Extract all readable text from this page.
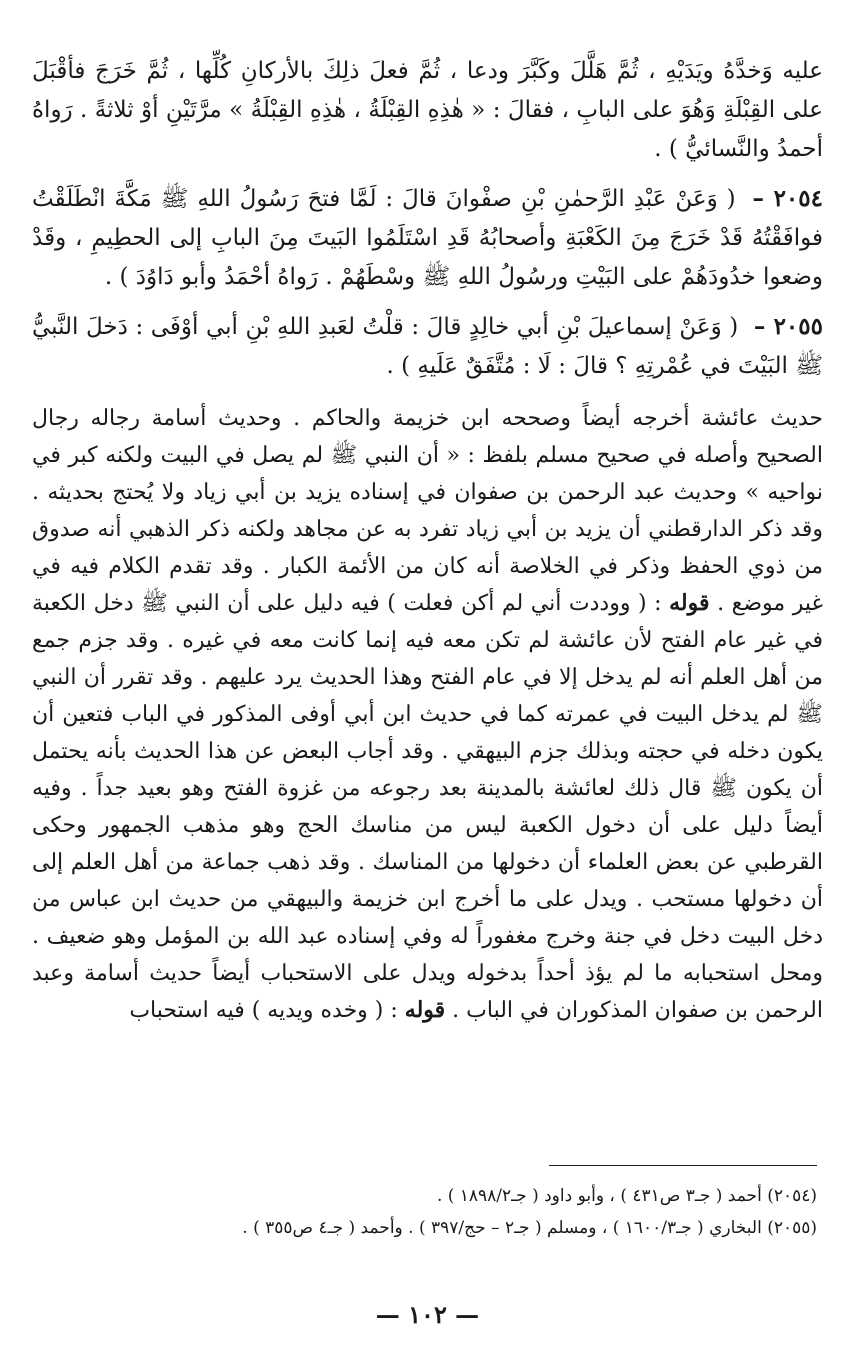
عليه وَخدَّهُ ويَدَيْهِ ، ثُمَّ هَلَّلَ وكَبَّرَ ودعا ، ثُمَّ فعلَ ذلِكَ بالأركانِ كُلِّها ، ثُمَّ خَرَجَ فأقْبَلَ على القِبْلَةِ وَهُوَ على البابِ ، فقالَ : « هٰذِهِ القِبْلَةُ ، هٰذِهِ القِبْلَةُ » مرَّتَيْنِ أوْ ثلاثةً . رَواهُ أحمدُ والنَّسائيُّ ) .

٢٠٥٤ – ( وَعَنْ عَبْدِ الرَّحمٰنِ بْنِ صفْوانَ قالَ : لَمَّا فتحَ رَسُولُ اللهِ ﷺ مَكَّةَ انْطَلَقْتُ فوافَقْتُهُ قَدْ خَرَجَ مِنَ الكَعْبَةِ وأصحابُهُ قَدِ اسْتَلَمُوا البَيتَ مِنَ البابِ إلى الحطِيمِ ، وقَدْ وضعوا خدُودَهُمْ على البَيْتِ ورسُولُ اللهِ ﷺ وسْطَهُمْ . رَواهُ أحْمَدُ وأبو دَاوُدَ ) .

٢٠٥٥ – ( وَعَنْ إسماعيلَ بْنِ أبي خالِدٍ قالَ : قلْتُ لعَبدِ اللهِ بْنِ أبي أوْفَى : دَخلَ النَّبيُّ ﷺ البَيْتَ في عُمْرتِهِ ؟ قالَ : لَا : مُتَّفَقٌ عَلَيهِ ) .

حديث عائشة أخرجه أيضاً وصححه ابن خزيمة والحاكم . وحديث أسامة رجاله رجال الصحيح وأصله في صحيح مسلم بلفظ : « أن النبي ﷺ لم يصل في البيت ولكنه كبر في نواحيه » وحديث عبد الرحمن بن صفوان في إسناده يزيد بن أبي زياد ولا يُحتج بحديثه . وقد ذكر الدارقطني أن يزيد بن أبي زياد تفرد به عن مجاهد ولكنه ذكر الذهبي أنه صدوق من ذوي الحفظ وذكر في الخلاصة أنه كان من الأئمة الكبار . وقد تقدم الكلام فيه في غير موضع . قوله : ( ووددت أني لم أكن فعلت ) فيه دليل على أن النبي ﷺ دخل الكعبة في غير عام الفتح لأن عائشة لم تكن معه فيه إنما كانت معه في غيره . وقد جزم جمع من أهل العلم أنه لم يدخل إلا في عام الفتح وهذا الحديث يرد عليهم . وقد تقرر أن النبي ﷺ لم يدخل البيت في عمرته كما في حديث ابن أبي أوفى المذكور في الباب فتعين أن يكون دخله في حجته وبذلك جزم البيهقي . وقد أجاب البعض عن هذا الحديث بأنه يحتمل أن يكون ﷺ قال ذلك لعائشة بالمدينة بعد رجوعه من غزوة الفتح وهو بعيد جداً . وفيه أيضاً دليل على أن دخول الكعبة ليس من مناسك الحج وهو مذهب الجمهور وحكى القرطبي عن بعض العلماء أن دخولها من المناسك . وقد ذهب جماعة من أهل العلم إلى أن دخولها مستحب . ويدل على ما أخرج ابن خزيمة والبيهقي من حديث ابن عباس من دخل البيت دخل في جنة وخرج مغفوراً له وفي إسناده عبد الله بن المؤمل وهو ضعيف . ومحل استحبابه ما لم يؤذ أحداً بدخوله ويدل على الاستحباب أيضاً حديث أسامة وعبد الرحمن بن صفوان المذكوران في الباب . قوله : ( وخده ويديه ) فيه استحباب

(٢٠٥٤) أحمد ( جـ٣ ص٤٣١ ) ، وأبو داود ( جـ١٨٩٨/٢ ) .
(٢٠٥٥) البخاري ( جـ١٦٠٠/٣ ) ، ومسلم ( جـ٢ – حج/٣٩٧ ) . وأحمد ( جـ٤ ص٣٥٥ ) .
— ١٠٢ —
